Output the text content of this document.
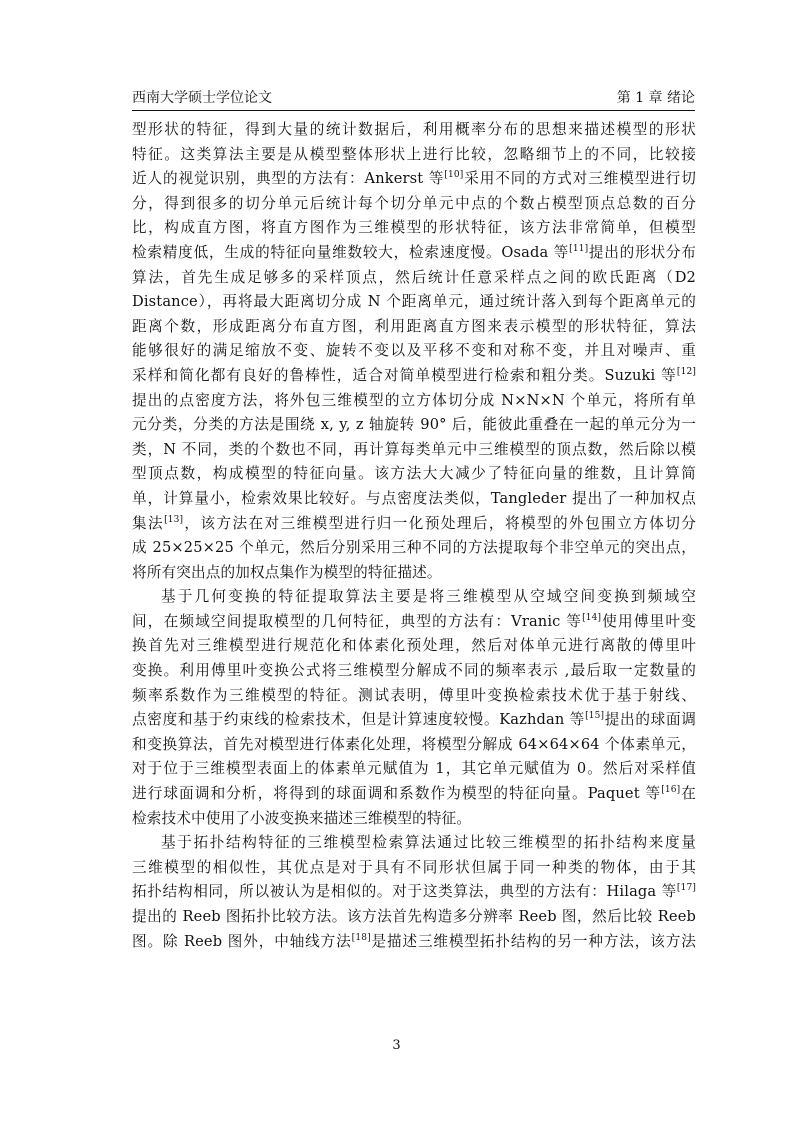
西南大学硕士学位论文	第 1 章 绪论
型形状的特征，得到大量的统计数据后，利用概率分布的思想来描述模型的形状
特征。这类算法主要是从模型整体形状上进行比较，忽略细节上的不同，比较接
近人的视觉识别，典型的方法有：Ankerst 等[10]采用不同的方式对三维模型进行切
分，得到很多的切分单元后统计每个切分单元中点的个数占模型顶点总数的百分
比，构成直方图，将直方图作为三维模型的形状特征，该方法非常简单，但模型
检索精度低，生成的特征向量维数较大，检索速度慢。Osada 等[11]提出的形状分布
算法，首先生成足够多的采样顶点，然后统计任意采样点之间的欧氏距离（D2
Distance），再将最大距离切分成 N 个距离单元，通过统计落入到每个距离单元的
距离个数，形成距离分布直方图，利用距离直方图来表示模型的形状特征，算法
能够很好的满足缩放不变、旋转不变以及平移不变和对称不变，并且对噪声、重
采样和简化都有良好的鲁棒性，适合对简单模型进行检索和粗分类。Suzuki 等[12]
提出的点密度方法，将外包三维模型的立方体切分成 N×N×N 个单元，将所有单
元分类，分类的方法是围绕 x, y, z 轴旋转 90° 后，能彼此重叠在一起的单元分为一
类，N 不同，类的个数也不同，再计算每类单元中三维模型的顶点数，然后除以模
型顶点数，构成模型的特征向量。该方法大大减少了特征向量的维数，且计算简
单，计算量小，检索效果比较好。与点密度法类似，Tangleder 提出了一种加权点
集法[13]，该方法在对三维模型进行归一化预处理后，将模型的外包围立方体切分
成 25×25×25 个单元，然后分别采用三种不同的方法提取每个非空单元的突出点，
将所有突出点的加权点集作为模型的特征描述。
基于几何变换的特征提取算法主要是将三维模型从空域空间变换到频域空
间，在频域空间提取模型的几何特征，典型的方法有：Vranic 等[14]使用傅里叶变
换首先对三维模型进行规范化和体素化预处理，然后对体单元进行离散的傅里叶
变换。利用傅里叶变换公式将三维模型分解成不同的频率表示 ,最后取一定数量的
频率系数作为三维模型的特征。测试表明，傅里叶变换检索技术优于基于射线、
点密度和基于约束线的检索技术，但是计算速度较慢。Kazhdan 等[15]提出的球面调
和变换算法，首先对模型进行体素化处理，将模型分解成 64×64×64 个体素单元，
对于位于三维模型表面上的体素单元赋值为 1，其它单元赋值为 0。然后对采样值
进行球面调和分析，将得到的球面调和系数作为模型的特征向量。Paquet 等[16]在
检索技术中使用了小波变换来描述三维模型的特征。
基于拓扑结构特征的三维模型检索算法通过比较三维模型的拓扑结构来度量
三维模型的相似性，其优点是对于具有不同形状但属于同一种类的物体，由于其
拓扑结构相同，所以被认为是相似的。对于这类算法，典型的方法有：Hilaga 等[17]
提出的 Reeb 图拓扑比较方法。该方法首先构造多分辨率 Reeb 图，然后比较 Reeb
图。除 Reeb 图外，中轴线方法[18]是描述三维模型拓扑结构的另一种方法，该方法
3
